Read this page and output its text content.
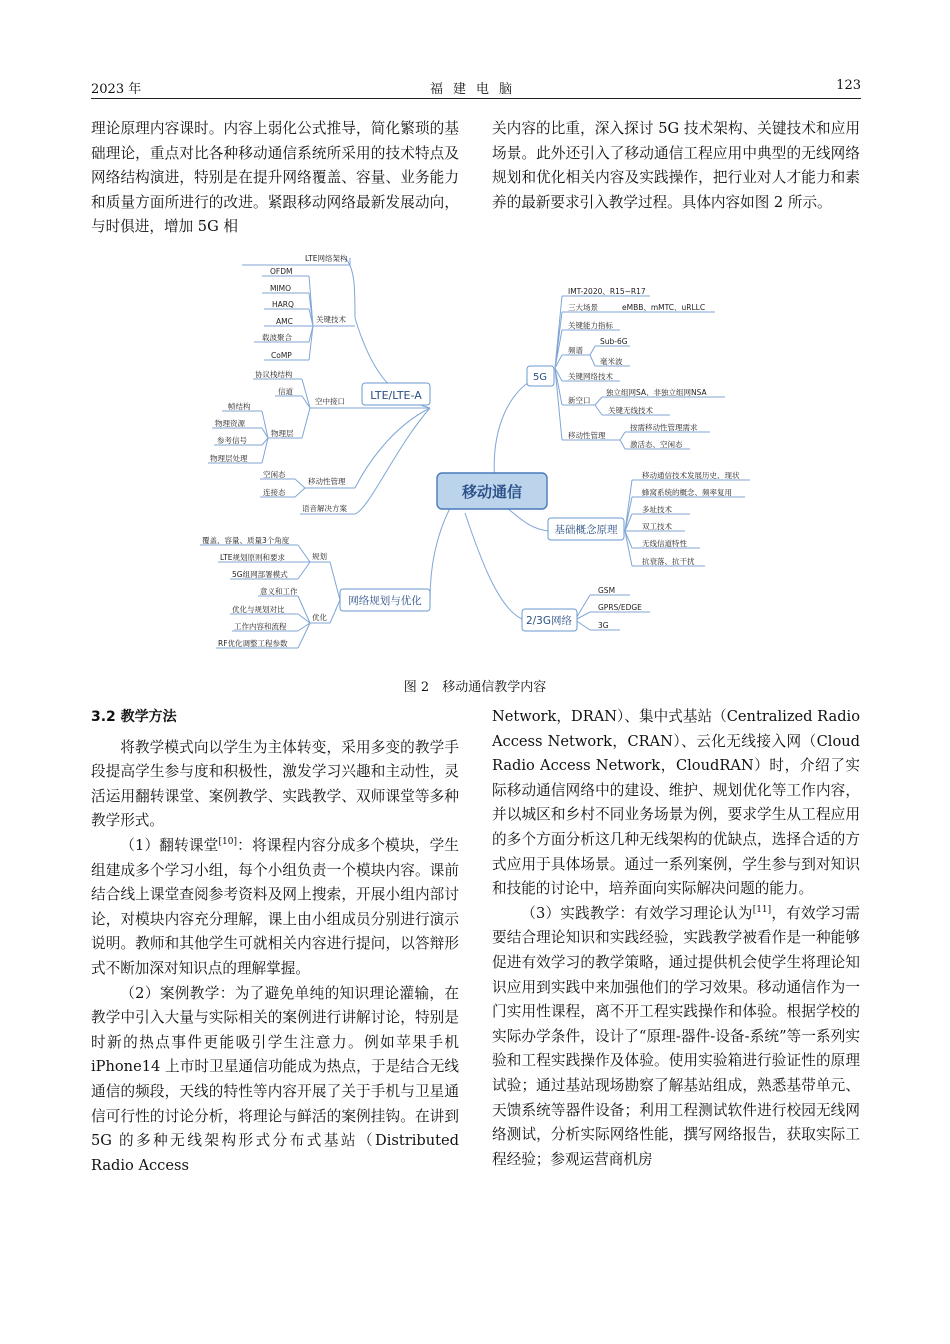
2023 年	福建电脑	123

理论原理内容课时。内容上弱化公式推导，简化繁琐的基础理论，重点对比各种移动通信系统所采用的技术特点及网络结构演进，特别是在提升网络覆盖、容量、业务能力和质量方面所进行的改进。紧跟移动网络最新发展动向，与时俱进，增加 5G 相

关内容的比重，深入探讨 5G 技术架构、关键技术和应用场景。此外还引入了移动通信工程应用中典型的无线网络规划和优化相关内容及实践操作，把行业对人才能力和素养的最新要求引入教学过程。具体内容如图 2 所示。

移动通信
LTE/LTE-A
5G
基础概念原理
2/3G网络
网络规划与优化
LTE网络架构
关键技术
OFDM
MIMO
HARQ
AMC
载波聚合
CoMP
空中接口
协议栈结构
信道
物理层
帧结构
物理资源
参考信号
物理层处理
移动性管理
空闲态
连接态
语音解决方案
IMT-2020、R15~R17
三大场景	eMBB、mMTC、uRLLC
关键能力指标
频谱
Sub-6G
毫米波
关键网络技术
新空口
独立组网SA、非独立组网NSA
关键无线技术
移动性管理
按需移动性管理需求
激活态、空闲态
移动通信技术发展历史、现状
蜂窝系统的概念、频率复用
多址技术
双工技术
无线信道特性
抗衰落、抗干扰
GSM
GPRS/EDGE
3G
规划
覆盖、容量、质量3个角度
LTE规划原则和要求
5G组网部署模式
优化
意义和工作
优化与规划对比
工作内容和流程
RF优化调整工程参数
图 2　移动通信教学内容

3.2 教学方法

将教学模式向以学生为主体转变，采用多变的教学手段提高学生参与度和积极性，激发学习兴趣和主动性，灵活运用翻转课堂、案例教学、实践教学、双师课堂等多种教学形式。

（1）翻转课堂[10]：将课程内容分成多个模块，学生组建成多个学习小组，每个小组负责一个模块内容。课前结合线上课堂查阅参考资料及网上搜索，开展小组内部讨论，对模块内容充分理解，课上由小组成员分别进行演示说明。教师和其他学生可就相关内容进行提问，以答辩形式不断加深对知识点的理解掌握。

（2）案例教学：为了避免单纯的知识理论灌输，在教学中引入大量与实际相关的案例进行讲解讨论，特别是时新的热点事件更能吸引学生注意力。例如苹果手机 iPhone14 上市时卫星通信功能成为热点，于是结合无线通信的频段，天线的特性等内容开展了关于手机与卫星通信可行性的讨论分析，将理论与鲜活的案例挂钩。在讲到 5G 的多种无线架构形式分布式基站（Distributed Radio Access

Network，DRAN）、集中式基站（Centralized Radio Access Network，CRAN）、云化无线接入网（Cloud Radio Access Network，CloudRAN）时，介绍了实际移动通信网络中的建设、维护、规划优化等工作内容，并以城区和乡村不同业务场景为例，要求学生从工程应用的多个方面分析这几种无线架构的优缺点，选择合适的方式应用于具体场景。通过一系列案例，学生参与到对知识和技能的讨论中，培养面向实际解决问题的能力。

（3）实践教学：有效学习理论认为[11]，有效学习需要结合理论知识和实践经验，实践教学被看作是一种能够促进有效学习的教学策略，通过提供机会使学生将理论知识应用到实践中来加强他们的学习效果。移动通信作为一门实用性课程，离不开工程实践操作和体验。根据学校的实际办学条件，设计了“原理-器件-设备-系统”等一系列实验和工程实践操作及体验。使用实验箱进行验证性的原理试验；通过基站现场勘察了解基站组成，熟悉基带单元、天馈系统等器件设备；利用工程测试软件进行校园无线网络测试，分析实际网络性能，撰写网络报告，获取实际工程经验；参观运营商机房
